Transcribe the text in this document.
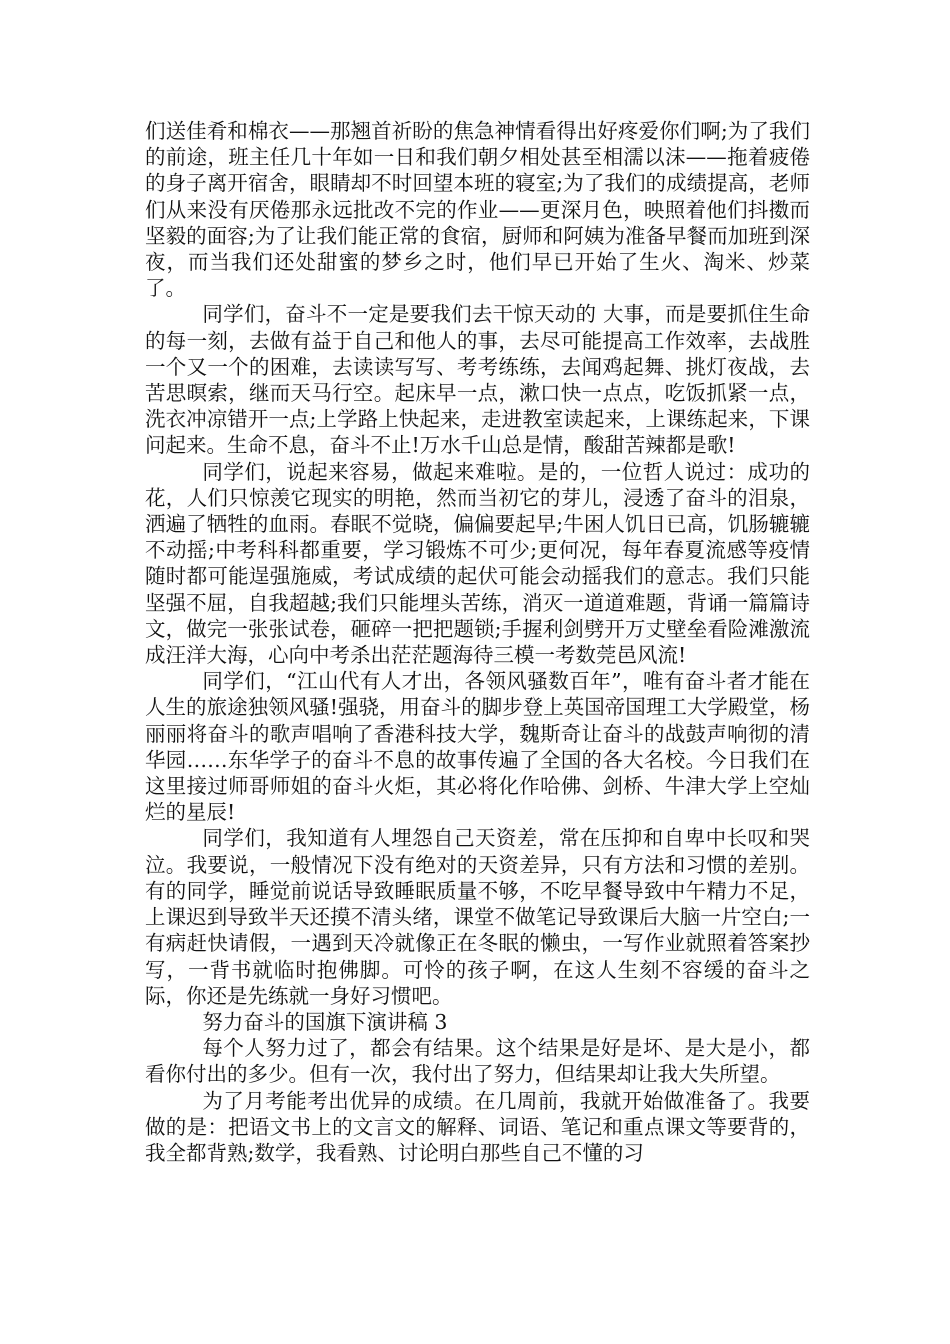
们送佳肴和棉衣——那翘首祈盼的焦急神情看得出好疼爱你们啊;为了我们的前途，班主任几十年如一日和我们朝夕相处甚至相濡以沫——拖着疲倦的身子离开宿舍，眼睛却不时回望本班的寝室;为了我们的成绩提高，老师们从来没有厌倦那永远批改不完的作业——更深月色，映照着他们抖擞而坚毅的面容;为了让我们能正常的食宿，厨师和阿姨为准备早餐而加班到深夜，而当我们还处甜蜜的梦乡之时，他们早已开始了生火、淘米、炒菜了。

同学们，奋斗不一定是要我们去干惊天动的 大事，而是要抓住生命的每一刻，去做有益于自己和他人的事，去尽可能提高工作效率，去战胜一个又一个的困难，去读读写写、考考练练，去闻鸡起舞、挑灯夜战，去苦思暝索，继而天马行空。起床早一点，漱口快一点点，吃饭抓紧一点，洗衣冲凉错开一点;上学路上快起来，走进教室读起来，上课练起来，下课问起来。生命不息，奋斗不止!万水千山总是情，酸甜苦辣都是歌!

同学们，说起来容易，做起来难啦。是的，一位哲人说过：成功的花，人们只惊羡它现实的明艳，然而当初它的芽儿，浸透了奋斗的泪泉，洒遍了牺牲的血雨。春眠不觉晓，偏偏要起早;牛困人饥日已高，饥肠辘辘不动摇;中考科科都重要，学习锻炼不可少;更何况，每年春夏流感等疫情随时都可能逞强施威，考试成绩的起伏可能会动摇我们的意志。我们只能坚强不屈，自我超越;我们只能埋头苦练，消灭一道道难题，背诵一篇篇诗文，做完一张张试卷，砸碎一把把题锁;手握利剑劈开万丈壁垒看险滩激流成汪洋大海，心向中考杀出茫茫题海待三模一考数莞邑风流!

同学们，“江山代有人才出，各领风骚数百年”，唯有奋斗者才能在人生的旅途独领风骚!强骁，用奋斗的脚步登上英国帝国理工大学殿堂，杨丽丽将奋斗的歌声唱响了香港科技大学，魏斯奇让奋斗的战鼓声响彻的清华园……东华学子的奋斗不息的故事传遍了全国的各大名校。今日我们在这里接过师哥师姐的奋斗火炬，其必将化作哈佛、剑桥、牛津大学上空灿烂的星辰!

同学们，我知道有人埋怨自己天资差，常在压抑和自卑中长叹和哭泣。我要说，一般情况下没有绝对的天资差异，只有方法和习惯的差别。有的同学，睡觉前说话导致睡眠质量不够，不吃早餐导致中午精力不足，上课迟到导致半天还摸不清头绪，课堂不做笔记导致课后大脑一片空白;一有病赶快请假，一遇到天冷就像正在冬眠的懒虫，一写作业就照着答案抄写，一背书就临时抱佛脚。可怜的孩子啊，在这人生刻不容缓的奋斗之际，你还是先练就一身好习惯吧。

努力奋斗的国旗下演讲稿 3

每个人努力过了，都会有结果。这个结果是好是坏、是大是小，都看你付出的多少。但有一次，我付出了努力，但结果却让我大失所望。

为了月考能考出优异的成绩。在几周前，我就开始做准备了。我要做的是：把语文书上的文言文的解释、词语、笔记和重点课文等要背的，我全都背熟;数学，我看熟、讨论明白那些自己不懂的习
